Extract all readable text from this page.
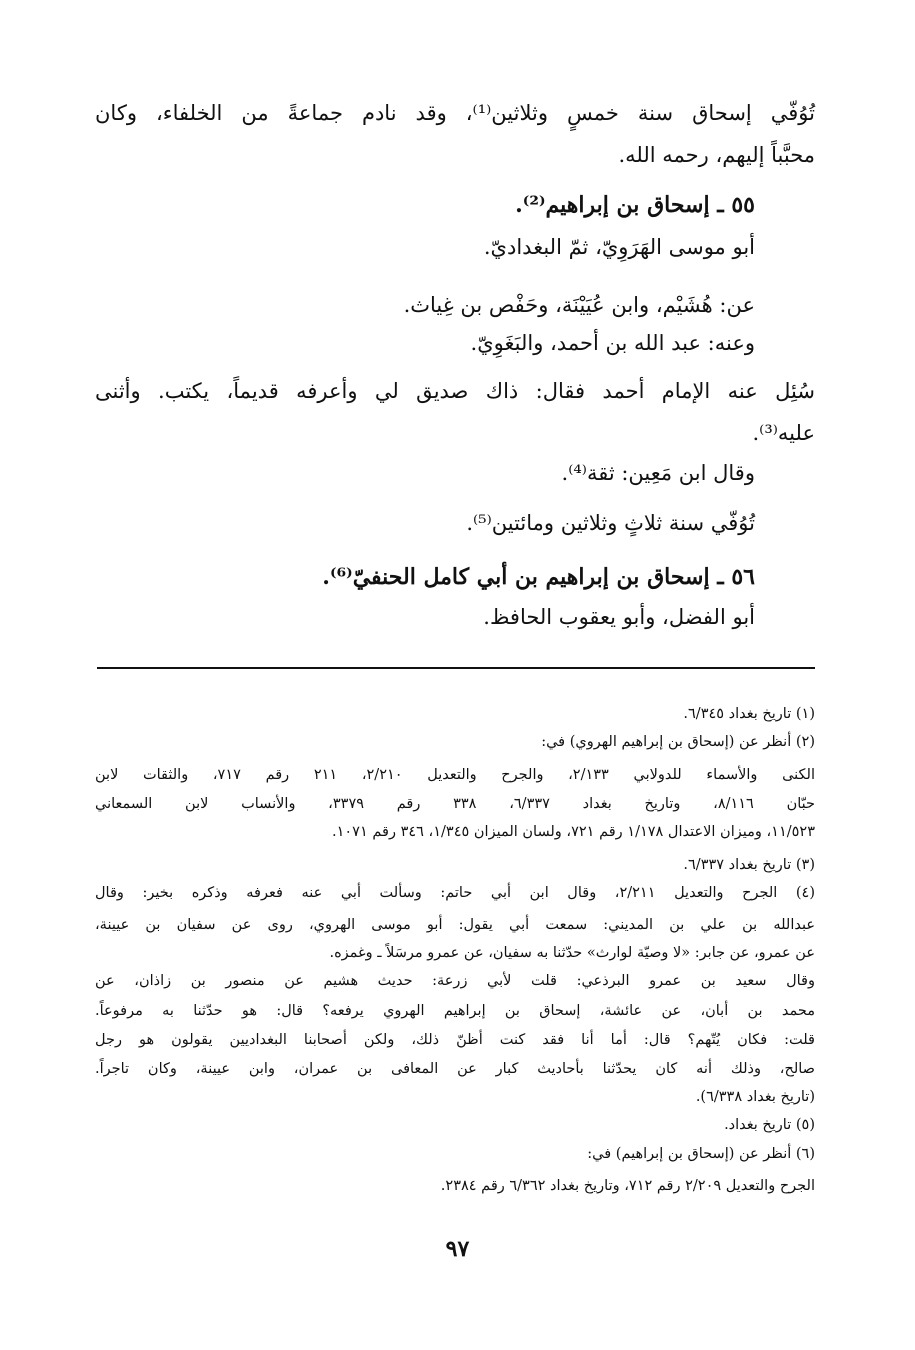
تُوُفّي إسحاق سنة خمسٍ وثلاثين⁽¹⁾، وقد نادم جماعةً من الخلفاء، وكان
محبَّباً إليهم، رحمه الله.
٥٥ ـ إسحاق بن إبراهيم⁽²⁾.
أبو موسى الهَرَوِيّ، ثمّ البغداديّ.
عن: هُشَيْم، وابن عُيَيْنَة، وحَفْص بن غِياث.
وعنه: عبد الله بن أحمد، والبَغَوِيّ.
سُئِل عنه الإمام أحمد فقال: ذاك صديق لي وأعرفه قديماً، يكتب. وأثنى
عليه⁽³⁾.
وقال ابن مَعِين: ثقة⁽⁴⁾.
تُوُفّي سنة ثلاثٍ وثلاثين ومائتين⁽⁵⁾.
٥٦ ـ إسحاق بن إبراهيم بن أبي كامل الحنفيّ⁽⁶⁾.
أبو الفضل، وأبو يعقوب الحافظ.
(١) تاريخ بغداد ٦/٣٤٥.
(٢) أنظر عن (إسحاق بن إبراهيم الهروي) في:
الكنى والأسماء للدولابي ٢/١٣٣، والجرح والتعديل ٢/٢١٠، ٢١١ رقم ٧١٧، والثقات لابن
حبّان ٨/١١٦، وتاريخ بغداد ٦/٣٣٧، ٣٣٨ رقم ٣٣٧٩، والأنساب لابن السمعاني
١١/٥٢٣، وميزان الاعتدال ١/١٧٨ رقم ٧٢١، ولسان الميزان ١/٣٤٥، ٣٤٦ رقم ١٠٧١.
(٣) تاريخ بغداد ٦/٣٣٧.
(٤) الجرح والتعديل ٢/٢١١، وقال ابن أبي حاتم: وسألت أبي عنه فعرفه وذكره بخير: وقال
عبدالله بن علي بن المديني: سمعت أبي يقول: أبو موسى الهروي، روى عن سفيان بن عيينة،
عن عمرو، عن جابر: «لا وصيّة لوارث» حدّثنا به سفيان، عن عمرو مرسَلاً ـ وغمزه.
وقال سعيد بن عمرو البرذعي: قلت لأبي زرعة: حديث هشيم عن منصور بن زاذان، عن
محمد بن أبان، عن عائشة، إسحاق بن إبراهيم الهروي يرفعه؟ قال: هو حدّثنا به مرفوعاً.
قلت: فكان يُتّهم؟ قال: أما أنا فقد كنت أظنّ ذلك، ولكن أصحابنا البغداديين يقولون هو رجل
صالح، وذلك أنه كان يحدّثنا بأحاديث كبار عن المعافى بن عمران، وابن عيينة، وكان تاجراً.
(تاريخ بغداد ٦/٣٣٨).
(٥) تاريخ بغداد.
(٦) أنظر عن (إسحاق بن إبراهيم) في:
الجرح والتعديل ٢/٢٠٩ رقم ٧١٢، وتاريخ بغداد ٦/٣٦٢ رقم ٢٣٨٤.
٩٧
